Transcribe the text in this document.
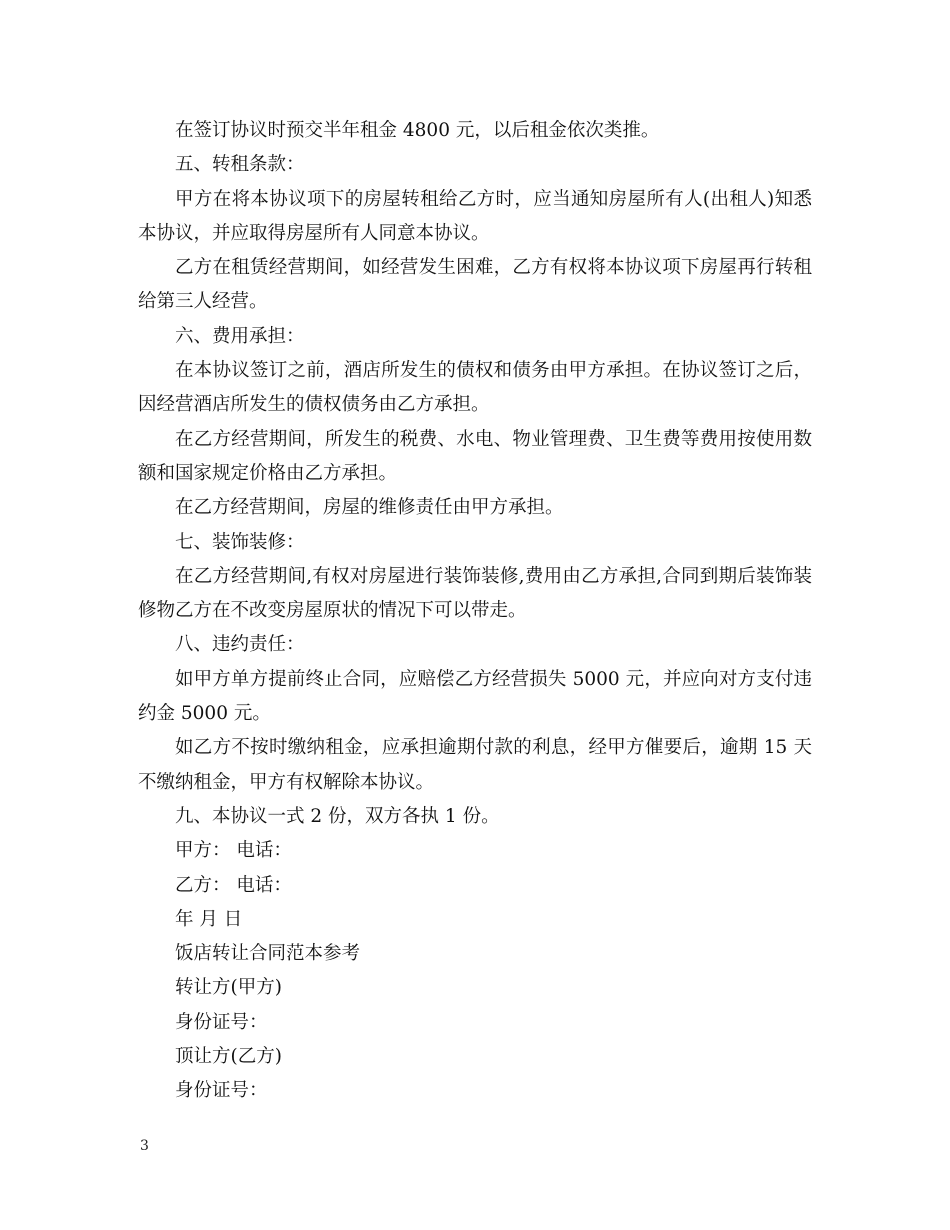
在签订协议时预交半年租金 4800 元，以后租金依次类推。

五、转租条款：

甲方在将本协议项下的房屋转租给乙方时，应当通知房屋所有人(出租人)知悉本协议，并应取得房屋所有人同意本协议。

乙方在租赁经营期间，如经营发生困难，乙方有权将本协议项下房屋再行转租给第三人经营。

六、费用承担：

在本协议签订之前，酒店所发生的债权和债务由甲方承担。在协议签订之后，因经营酒店所发生的债权债务由乙方承担。

在乙方经营期间，所发生的税费、水电、物业管理费、卫生费等费用按使用数额和国家规定价格由乙方承担。

在乙方经营期间，房屋的维修责任由甲方承担。

七、装饰装修：

在乙方经营期间,有权对房屋进行装饰装修,费用由乙方承担,合同到期后装饰装修物乙方在不改变房屋原状的情况下可以带走。

八、违约责任：

如甲方单方提前终止合同，应赔偿乙方经营损失 5000 元，并应向对方支付违约金 5000 元。

如乙方不按时缴纳租金，应承担逾期付款的利息，经甲方催要后，逾期 15 天不缴纳租金，甲方有权解除本协议。

九、本协议一式 2 份，双方各执 1 份。

甲方： 电话：

乙方： 电话：

年 月 日

饭店转让合同范本参考

转让方(甲方)

身份证号：

顶让方(乙方)

身份证号：

3
